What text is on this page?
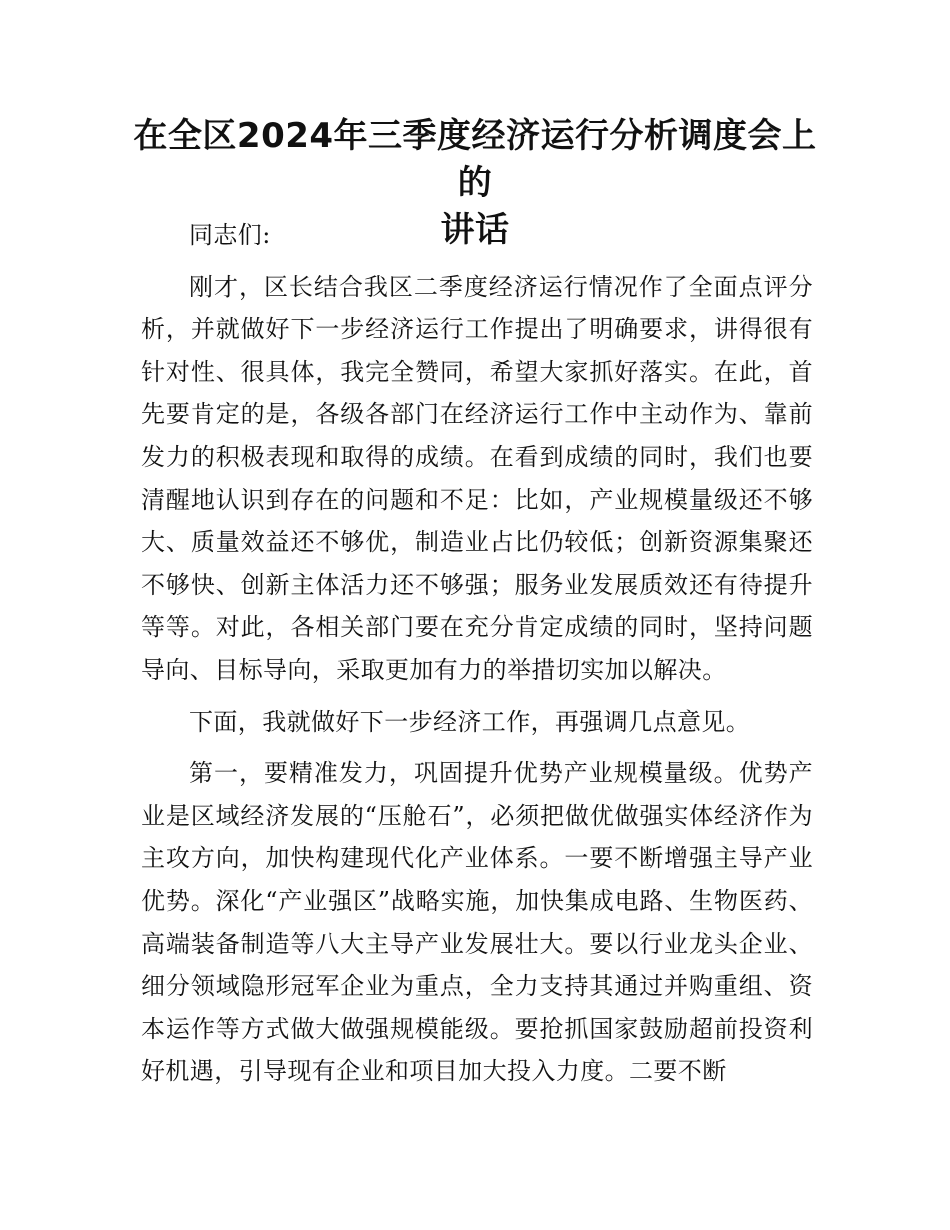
在全区2024年三季度经济运行分析调度会上的
讲话

同志们:

刚才，区长结合我区二季度经济运行情况作了全面点评分析，并就做好下一步经济运行工作提出了明确要求，讲得很有针对性、很具体，我完全赞同，希望大家抓好落实。在此，首先要肯定的是，各级各部门在经济运行工作中主动作为、靠前发力的积极表现和取得的成绩。在看到成绩的同时，我们也要清醒地认识到存在的问题和不足：比如，产业规模量级还不够大、质量效益还不够优，制造业占比仍较低；创新资源集聚还不够快、创新主体活力还不够强；服务业发展质效还有待提升等等。对此，各相关部门要在充分肯定成绩的同时，坚持问题导向、目标导向，采取更加有力的举措切实加以解决。

下面，我就做好下一步经济工作，再强调几点意见。

第一，要精准发力，巩固提升优势产业规模量级。优势产业是区域经济发展的“压舱石”，必须把做优做强实体经济作为主攻方向，加快构建现代化产业体系。一要不断增强主导产业优势。深化“产业强区”战略实施，加快集成电路、生物医药、高端装备制造等八大主导产业发展壮大。要以行业龙头企业、细分领域隐形冠军企业为重点，全力支持其通过并购重组、资本运作等方式做大做强规模能级。要抢抓国家鼓励超前投资利好机遇，引导现有企业和项目加大投入力度。二要不断
